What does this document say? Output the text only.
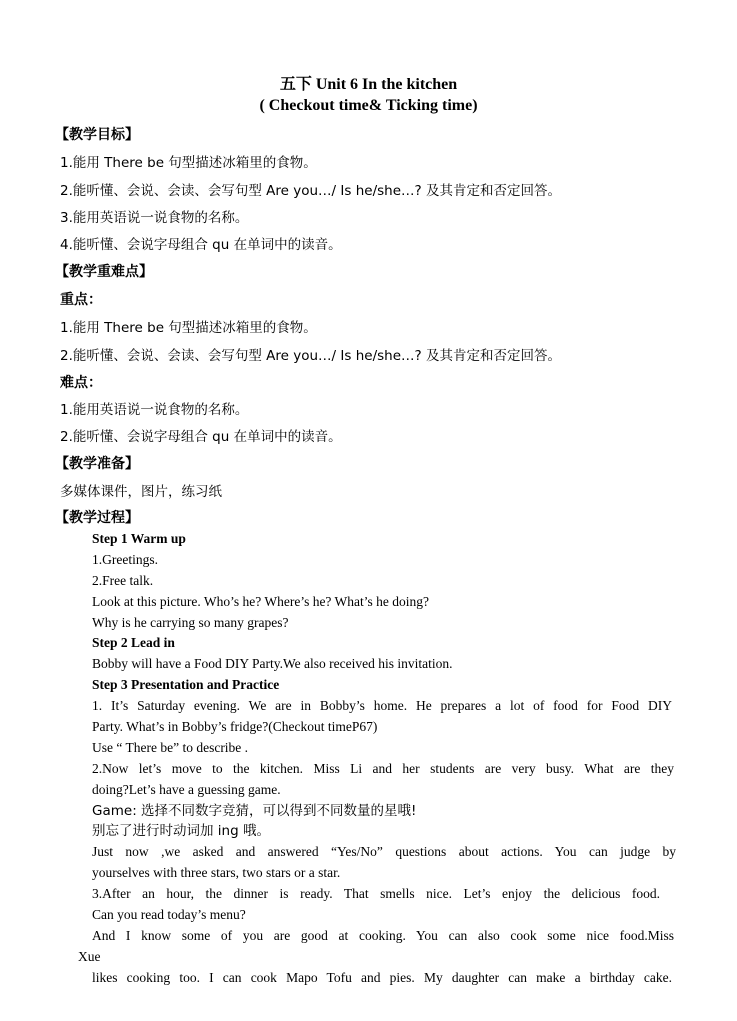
五下 Unit 6 In the kitchen
( Checkout time& Ticking time)
【教学目标】
1.能用 There be 句型描述冰箱里的食物。
2.能听懂、会说、会读、会写句型 Are you…/ Is he/she…? 及其肯定和否定回答。
3.能用英语说一说食物的名称。
4.能听懂、会说字母组合 qu 在单词中的读音。
【教学重难点】
重点：
1.能用 There be 句型描述冰箱里的食物。
2.能听懂、会说、会读、会写句型 Are you…/ Is he/she…? 及其肯定和否定回答。
难点：
1.能用英语说一说食物的名称。
2.能听懂、会说字母组合 qu 在单词中的读音。
【教学准备】
多媒体课件，图片，练习纸
【教学过程】
Step 1 Warm up
1.Greetings.
2.Free talk.
Look at this picture. Who’s he? Where’s he? What’s he doing?
Why is he carrying so many grapes?
Step 2 Lead in
Bobby will have a Food DIY Party.We also received his invitation.
Step 3 Presentation and Practice
1. It’s Saturday evening. We are in Bobby’s home. He prepares a lot of food for Food DIY
Party. What’s in Bobby’s fridge?(Checkout timeP67)
Use “ There be” to describe .
2.Now let’s move to the kitchen. Miss Li and her students are very busy. What are they
doing?Let’s have a guessing game.
Game: 选择不同数字竞猜，可以得到不同数量的星哦!
别忘了进行时动词加 ing 哦。
Just now ,we asked and answered “Yes/No” questions about actions. You can judge by
yourselves with three stars, two stars or a star.
3.After an hour, the dinner is ready. That smells nice. Let’s enjoy the delicious food.
Can you read today’s menu?
And I know some of you are good at cooking. You can also cook some nice food.Miss
Xue
likes cooking too. I can cook Mapo Tofu and pies. My daughter can make a birthday cake.
